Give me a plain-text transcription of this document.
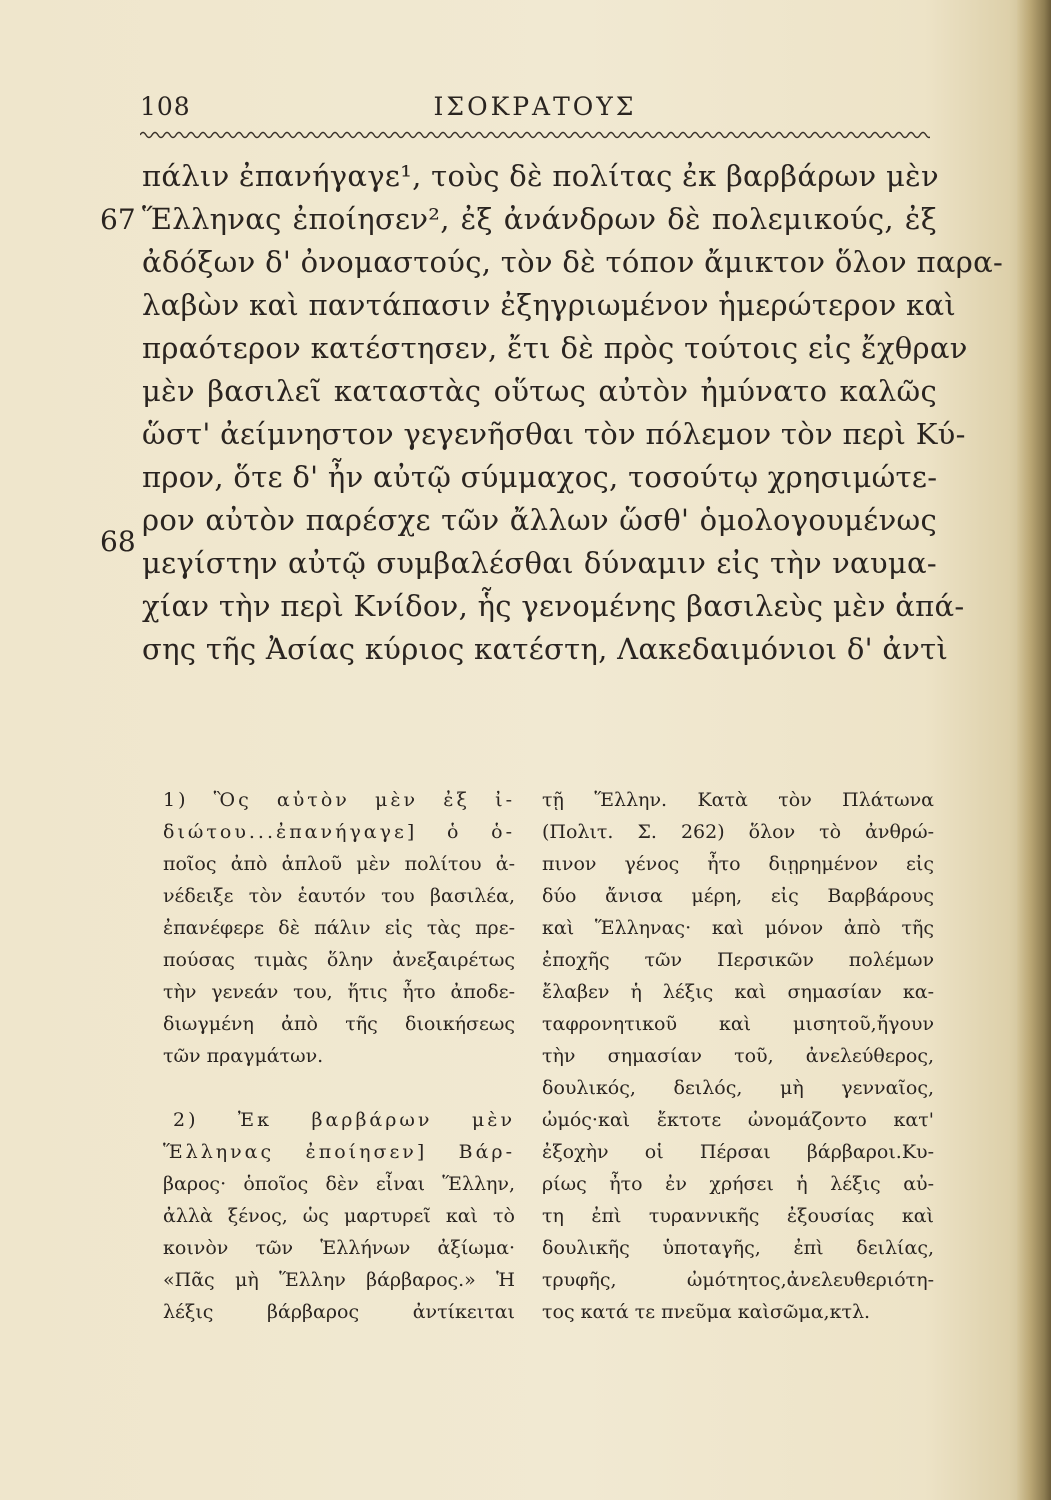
108	ΙΣΟΚΡΑΤΟΥΣ
67
68
πάλιν ἐπανήγαγε¹, τοὺς δὲ πολίτας ἐκ βαρβάρων μὲν
Ἕλληνας ἐποίησεν², ἐξ ἀνάνδρων δὲ πολεμικούς, ἐξ
ἀδόξων δ' ὀνομαστούς, τὸν δὲ τόπον ἄμικτον ὅλον παρα-
λαβὼν καὶ παντάπασιν ἐξηγριωμένον ἡμερώτερον καὶ
πραότερον κατέστησεν, ἔτι δὲ πρὸς τούτοις εἰς ἔχθραν
μὲν βασιλεῖ καταστὰς οὕτως αὐτὸν ἠμύνατο καλῶς
ὥστ' ἀείμνηστον γεγενῆσθαι τὸν πόλεμον τὸν περὶ Κύ-
προν, ὅτε δ' ἦν αὐτῷ σύμμαχος, τοσούτῳ χρησιμώτε-
ρον αὐτὸν παρέσχε τῶν ἄλλων ὥσθ' ὁμολογουμένως
μεγίστην αὐτῷ συμβαλέσθαι δύναμιν εἰς τὴν ναυμα-
χίαν τὴν περὶ Κνίδον, ἧς γενομένης βασιλεὺς μὲν ἁπά-
σης τῆς Ἀσίας κύριος κατέστη, Λακεδαιμόνιοι δ' ἀντὶ
1) Ὃς αὐτὸν μὲν ἐξ ἰ-
διώτου...ἐπανήγαγε] ὁ ὁ-
ποῖος ἀπὸ ἁπλοῦ μὲν πολίτου ἀ-
νέδειξε τὸν ἑαυτόν του βασιλέα,
ἐπανέφερε δὲ πάλιν εἰς τὰς πρε-
πούσας τιμὰς ὅλην ἀνεξαιρέτως
τὴν γενεάν του, ἥτις ἦτο ἀποδε-
διωγμένη ἀπὸ τῆς διοικήσεως
τῶν πραγμάτων.
2) Ἐκ βαρβάρων μὲν
Ἕλληνας ἐποίησεν] Βάρ-
βαρος· ὁποῖος δὲν εἶναι Ἕλλην,
ἀλλὰ ξένος, ὡς μαρτυρεῖ καὶ τὸ
κοινὸν τῶν Ἑλλήνων ἀξίωμα·
«Πᾶς μὴ Ἕλλην βάρβαρος.» Ἡ
λέξις βάρβαρος ἀντίκειται
τῇ Ἕλλην. Κατὰ τὸν Πλάτωνα
(Πολιτ. Σ. 262) ὅλον τὸ ἀνθρώ-
πινον γένος ἦτο διῃρημένον εἰς
δύο ἄνισα μέρη, εἰς Βαρβάρους
καὶ Ἕλληνας· καὶ μόνον ἀπὸ τῆς
ἐποχῆς τῶν Περσικῶν πολέμων
ἔλαβεν ἡ λέξις καὶ σημασίαν κα-
ταφρονητικοῦ καὶ μισητοῦ,ἤγουν
τὴν σημασίαν τοῦ, ἀνελεύθερος,
δουλικός, δειλός, μὴ γενναῖος,
ὠμός·καὶ ἔκτοτε ὠνομάζοντο κατ'
ἐξοχὴν οἱ Πέρσαι βάρβαροι.Κυ-
ρίως ἦτο ἐν χρήσει ἡ λέξις αὐ-
τη ἐπὶ τυραννικῆς ἐξουσίας καὶ
δουλικῆς ὑποταγῆς, ἐπὶ δειλίας,
τρυφῆς, ὠμότητος,ἀνελευθεριότη-
τος κατά τε πνεῦμα καὶσῶμα,κτλ.
